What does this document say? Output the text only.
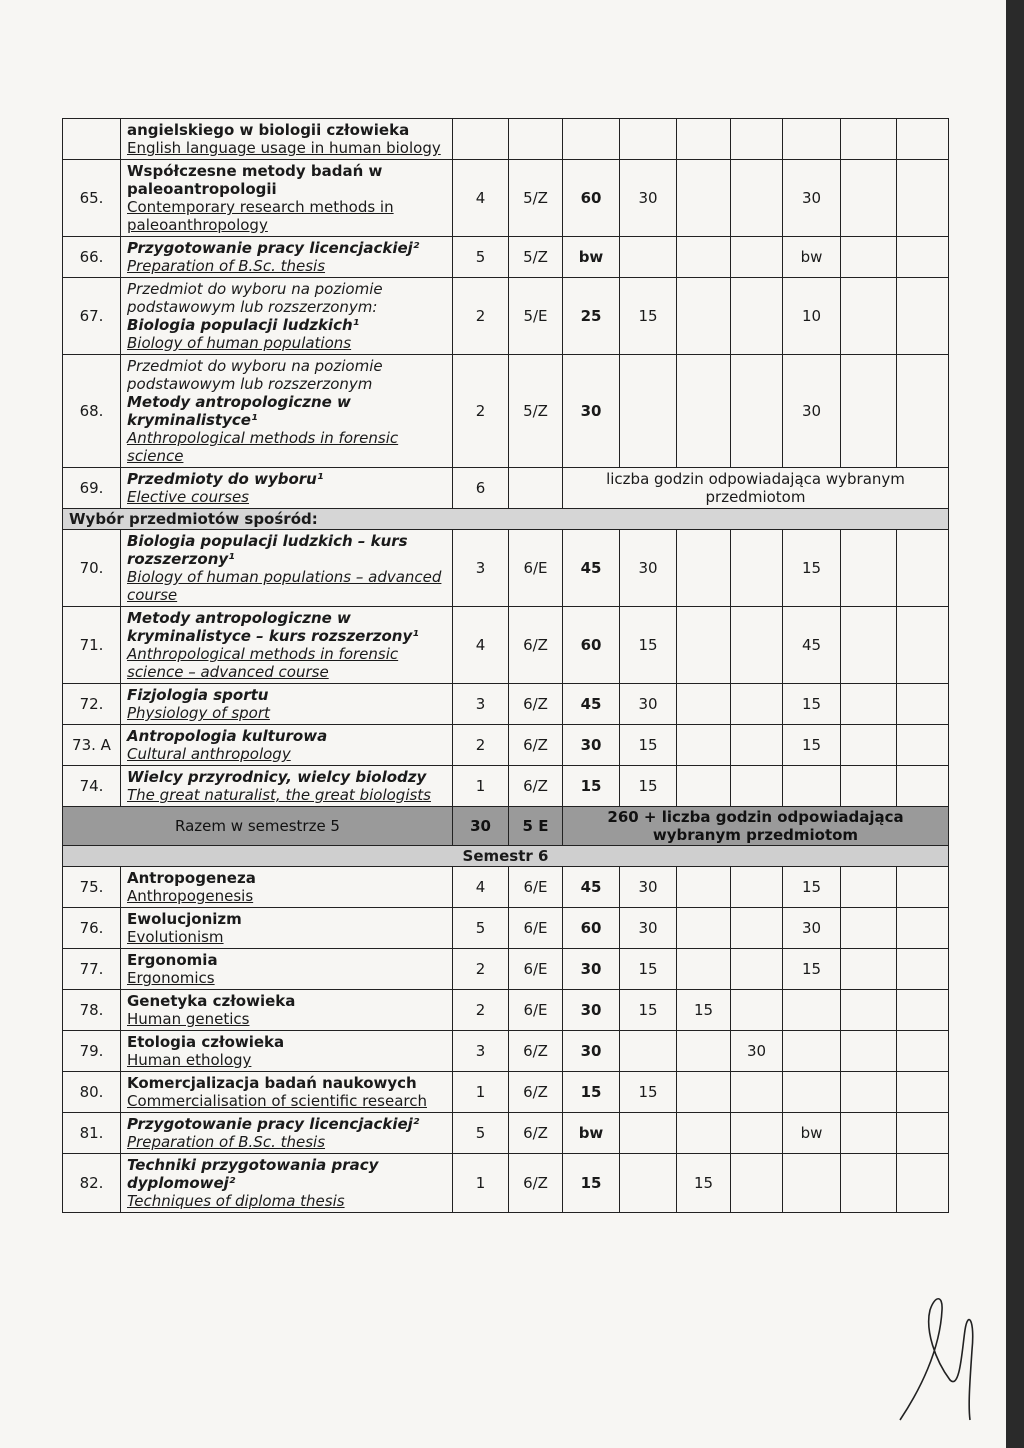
	angielskiego w biologii człowieka
English language usage in human biology									

65.	Współczesne metody badań w paleoantropologii
Contemporary research methods in paleoanthropology	4	5/Z	60	30			30		
66.	Przygotowanie pracy licencjackiej²
Preparation of B.Sc. thesis	5	5/Z	bw				bw		
67.	Przedmiot do wyboru na poziomie podstawowym lub rozszerzonym:
Biologia populacji ludzkich¹
Biology of human populations	2	5/E	25	15			10		
68.	Przedmiot do wyboru na poziomie podstawowym lub rozszerzonym
Metody antropologiczne w kryminalistyce¹
Anthropological methods in forensic science	2	5/Z	30				30		
69.	Przedmioty do wyboru¹
Elective courses	6		liczba godzin odpowiadająca wybranym przedmiotom						
Wybór przedmiotów spośród:										
70.	Biologia populacji ludzkich – kurs rozszerzony¹
Biology of human populations – advanced course	3	6/E	45	30			15		
71.	Metody antropologiczne w kryminalistyce – kurs rozszerzony¹
Anthropological methods in forensic science – advanced course	4	6/Z	60	15			45		
72.	Fizjologia sportu
Physiology of sport	3	6/Z	45	30			15		
73. A	Antropologia kulturowa
Cultural anthropology	2	6/Z	30	15			15		
74.	Wielcy przyrodnicy, wielcy biolodzy
The great naturalist, the great biologists	1	6/Z	15	15					
Razem w semestrze 5		30	5 E	260 + liczba godzin odpowiadająca wybranym przedmiotom						
Semestr 6										
75.	Antropogeneza
Anthropogenesis	4	6/E	45	30			15		
76.	Ewolucjonizm
Evolutionism	5	6/E	60	30			30		
77.	Ergonomia
Ergonomics	2	6/E	30	15			15		
78.	Genetyka człowieka
Human genetics	2	6/E	30	15	15				
79.	Etologia człowieka
Human ethology	3	6/Z	30			30			
80.	Komercjalizacja badań naukowych
Commercialisation of scientific research	1	6/Z	15	15					
81.	Przygotowanie pracy licencjackiej²
Preparation of B.Sc. thesis	5	6/Z	bw				bw		
82.	Techniki przygotowania pracy dyplomowej²
Techniques of diploma thesis	1	6/Z	15		15				
